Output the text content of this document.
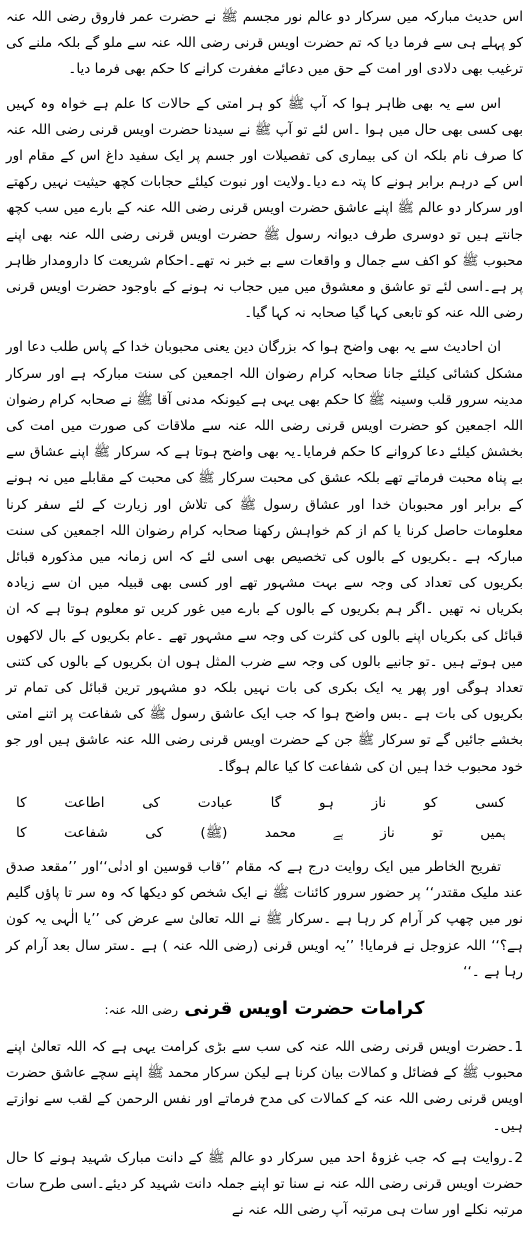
اس حدیث مبارکہ میں سرکار دو عالم نور مجسم ﷺ نے حضرت عمر فاروق رضی اللہ عنہ کو پہلے ہی سے فرما دیا کہ تم حضرت اویس قرنی رضی اللہ عنہ سے ملو گے بلکہ ملنے کی ترغیب بھی دلادی اور امت کے حق میں دعائے مغفرت کرانے کا حکم بھی فرما دیا۔

اس سے یہ بھی ظاہر ہوا کہ آپ ﷺ کو ہر امتی کے حالات کا علم ہے خواہ وہ کہیں بھی کسی بھی حال میں ہوا ۔اس لئے تو آپ ﷺ نے سیدنا حضرت اویس قرنی رضی اللہ عنہ کا صرف نام بلکہ ان کی بیماری کی تفصیلات اور جسم پر ایک سفید داغ اس کے مقام اور اس کے درہم برابر ہونے کا پتہ دے دیا۔ولایت اور نبوت کیلئے حجابات کچھ حیثیت نہیں رکھتے اور سرکار دو عالم ﷺ اپنے عاشق حضرت اویس قرنی رضی اللہ عنہ کے بارے میں سب کچھ جانتے ہیں تو دوسری طرف دیوانہ رسول ﷺ حضرت اویس قرنی رضی اللہ عنہ بھی اپنے محبوب ﷺ کو اکف سے جمال و واقعات سے بے خبر نہ تھے۔احکام شریعت کا دارومدار ظاہر پر ہے۔اسی لئے تو عاشق و معشوق میں میں حجاب نہ ہونے کے باوجود حضرت اویس قرنی رضی اللہ عنہ کو تابعی کہا گیا صحابہ نہ کہا گیا۔

ان احادیث سے یہ بھی واضح ہوا کہ بزرگان دین یعنی محبوبان خدا کے پاس طلب دعا اور مشکل کشائی کیلئے جانا صحابہ کرام رضوان اللہ اجمعین کی سنت مبارکہ ہے اور سرکار مدینہ سرور قلب وسینہ ﷺ کا حکم بھی یہی ہے کیونکہ مدنی آقا ﷺ نے صحابہ کرام رضوان اللہ اجمعین کو حضرت اویس قرنی رضی اللہ عنہ سے ملاقات کی صورت میں امت کی بخشش کیلئے دعا کروانے کا حکم فرمایا۔یہ بھی واضح ہوتا ہے کہ سرکار ﷺ اپنے عشاق سے بے پناہ محبت فرماتے تھے بلکہ عشق کی محبت سرکار ﷺ کی محبت کے مقابلے میں نہ ہونے کے برابر اور محبوبان خدا اور عشاق رسول ﷺ کی تلاش اور زیارت کے لئے سفر کرنا معلومات حاصل کرنا یا کم از کم خواہش رکھنا صحابہ کرام رضوان اللہ اجمعین کی سنت مبارکہ ہے ۔بکریوں کے بالوں کی تخصیص بھی اسی لئے کہ اس زمانہ میں مذکورہ قبائل بکریوں کی تعداد کی وجہ سے بہت مشہور تھے اور کسی بھی قبیلہ میں ان سے زیادہ بکریاں نہ تھیں ۔اگر ہم بکریوں کے بالوں کے بارے میں غور کریں تو معلوم ہوتا ہے کہ ان قبائل کی بکریاں اپنے بالوں کی کثرت کی وجہ سے مشہور تھے ۔عام بکریوں کے بال لاکھوں میں ہوتے ہیں ۔تو جانیے بالوں کی وجہ سے ضرب المثل ہوں ان بکریوں کے بالوں کی کتنی تعداد ہوگی اور پھر یہ ایک بکری کی بات نہیں بلکہ دو مشہور ترین قبائل کی تمام تر بکریوں کی بات ہے ۔بس واضح ہوا کہ جب ایک عاشق رسول ﷺ کی شفاعت پر اتنے امتی بخشے جائیں گے تو سرکار ﷺ جن کے حضرت اویس قرنی رضی اللہ عنہ عاشق ہیں اور جو خود محبوب خدا ہیں ان کی شفاعت کا کیا عالم ہوگا۔

کسی کو ناز ہو گا عبادت کی اطاعت کا
ہمیں تو ناز ہے محمد (ﷺ) کی شفاعت کا

تفریح الخاطر میں ایک روایت درج ہے کہ مقام ’’قاب قوسین او ادنٰی‘‘اور ’’مقعد صدق عند ملیک مقتدر‘‘ پر حضور سرور کائنات ﷺ نے ایک شخص کو دیکھا کہ وہ سر تا پاؤں گلیم نور میں چھپ کر آرام کر رہا ہے ۔سرکار ﷺ نے اللہ تعالیٰ سے عرض کی ’’یا الٰہی یہ کون ہے؟‘‘ اللہ عزوجل نے فرمایا! ’’یہ اویس قرنی (رضی اللہ عنہ ) ہے ۔ستر سال بعد آرام کر رہا ہے ۔‘‘

کرامات حضرت اویس قرنی رضی اللہ عنہ:

1۔حضرت اویس قرنی رضی اللہ عنہ کی سب سے بڑی کرامت یہی ہے کہ اللہ تعالیٰ اپنے محبوب ﷺ کے فضائل و کمالات بیان کرنا ہے لیکن سرکار محمد ﷺ اپنے سچے عاشق حضرت اویس قرنی رضی اللہ عنہ کے کمالات کی مدح فرماتے اور نفس الرحمن کے لقب سے نوازتے ہیں۔

2۔روایت ہے کہ جب غزوۂ احد میں سرکار دو عالم ﷺ کے دانت مبارک شہید ہونے کا حال حضرت اویس قرنی رضی اللہ عنہ نے سنا تو اپنے جملہ دانت شہید کر دیئے۔اسی طرح سات مرتبہ نکلے اور سات ہی مرتبہ آپ رضی اللہ عنہ نے
